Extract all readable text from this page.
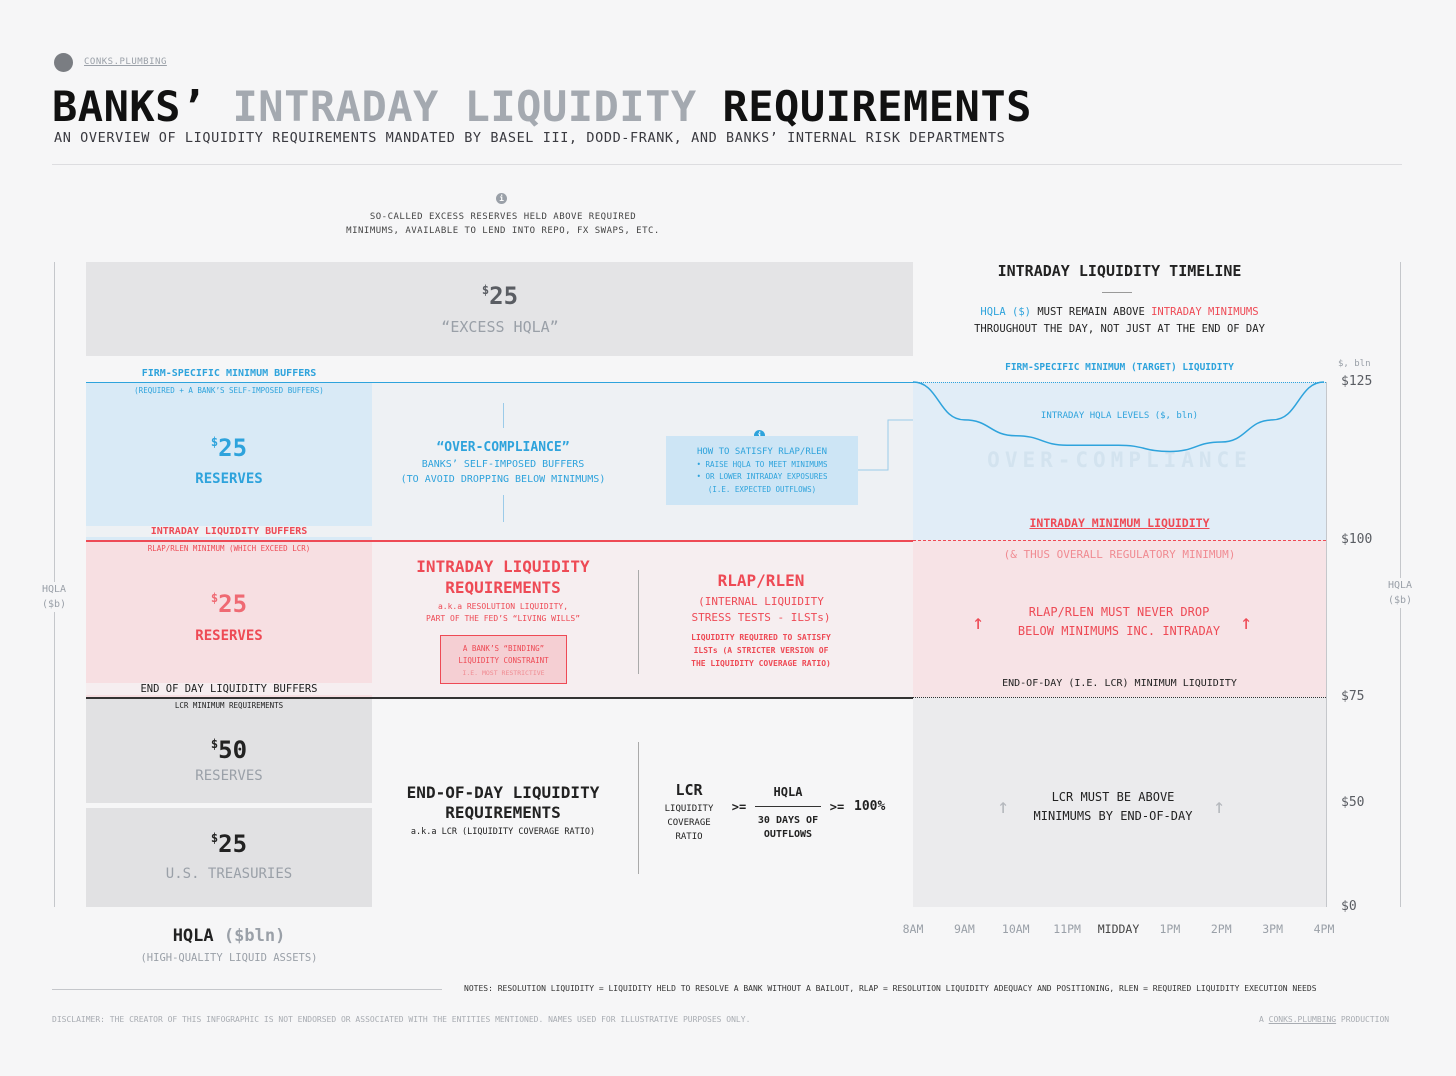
CONKS.PLUMBING
BANKS’ INTRADAY LIQUIDITY REQUIREMENTS
AN OVERVIEW OF LIQUIDITY REQUIREMENTS MANDATED BY BASEL III, DODD-FRANK, AND BANKS’ INTERNAL RISK DEPARTMENTS
i
SO-CALLED EXCESS RESERVES HELD ABOVE REQUIRED
MINIMUMS, AVAILABLE TO LEND INTO REPO, FX SWAPS, ETC.
$25
“EXCESS HQLA”
HQLA
($b)
FIRM-SPECIFIC MINIMUM BUFFERS
(REQUIRED + A BANK’S SELF-IMPOSED BUFFERS)
$25
RESERVES
“OVER-COMPLIANCE”
BANKS’ SELF-IMPOSED BUFFERS
(TO AVOID DROPPING BELOW MINIMUMS)
HOW TO SATISFY RLAP/RLEN
• RAISE HQLA TO MEET MINIMUMS
• OR LOWER INTRADAY EXPOSURES
(I.E. EXPECTED OUTFLOWS)
INTRADAY LIQUIDITY BUFFERS
RLAP/RLEN MINIMUM (WHICH EXCEED LCR)
$25
RESERVES
INTRADAY LIQUIDITY
REQUIREMENTS
a.k.a RESOLUTION LIQUIDITY,
PART OF THE FED’S “LIVING WILLS”
A BANK’S “BINDING”
LIQUIDITY CONSTRAINT
I.E. MOST RESTRICTIVE
RLAP/RLEN
(INTERNAL LIQUIDITY
STRESS TESTS - ILSTs)
LIQUIDITY REQUIRED TO SATISFY
ILSTs (A STRICTER VERSION OF
THE LIQUIDITY COVERAGE RATIO)
END OF DAY LIQUIDITY BUFFERS
LCR MINIMUM REQUIREMENTS
$50
RESERVES
$25
U.S. TREASURIES
END-OF-DAY LIQUIDITY
REQUIREMENTS
a.k.a LCR (LIQUIDITY COVERAGE RATIO)
LCR
LIQUIDITY
COVERAGE
RATIO
>=
HQLA
30 DAYS OF
OUTFLOWS
>= 100%
HQLA ($bln)
(HIGH-QUALITY LIQUID ASSETS)
INTRADAY LIQUIDITY TIMELINE
HQLA ($) MUST REMAIN ABOVE INTRADAY MINIMUMS
THROUGHOUT THE DAY, NOT JUST AT THE END OF DAY
FIRM-SPECIFIC MINIMUM (TARGET) LIQUIDITY
INTRADAY HQLA LEVELS ($, bln)
OVER-COMPLIANCE
INTRADAY MINIMUM LIQUIDITY
(& THUS OVERALL REGULATORY MINIMUM)
↑	RLAP/RLEN MUST NEVER DROP
BELOW MINIMUMS INC. INTRADAY ↑
END-OF-DAY (I.E. LCR) MINIMUM LIQUIDITY
↑	LCR MUST BE ABOVE
MINIMUMS BY END-OF-DAY	↑
$, bln
$125
$100
$75
$50
$0
8AM	9AM	10AM	11PM	MIDDAY	1PM	2PM	3PM	4PM
HQLA
($b)
NOTES: RESOLUTION LIQUIDITY = LIQUIDITY HELD TO RESOLVE A BANK WITHOUT A BAILOUT, RLAP = RESOLUTION LIQUIDITY ADEQUACY AND POSITIONING, RLEN = REQUIRED LIQUIDITY EXECUTION NEEDS
DISCLAIMER: THE CREATOR OF THIS INFOGRAPHIC IS NOT ENDORSED OR ASSOCIATED WITH THE ENTITIES MENTIONED. NAMES USED FOR ILLUSTRATIVE PURPOSES ONLY.	A CONKS.PLUMBING PRODUCTION
